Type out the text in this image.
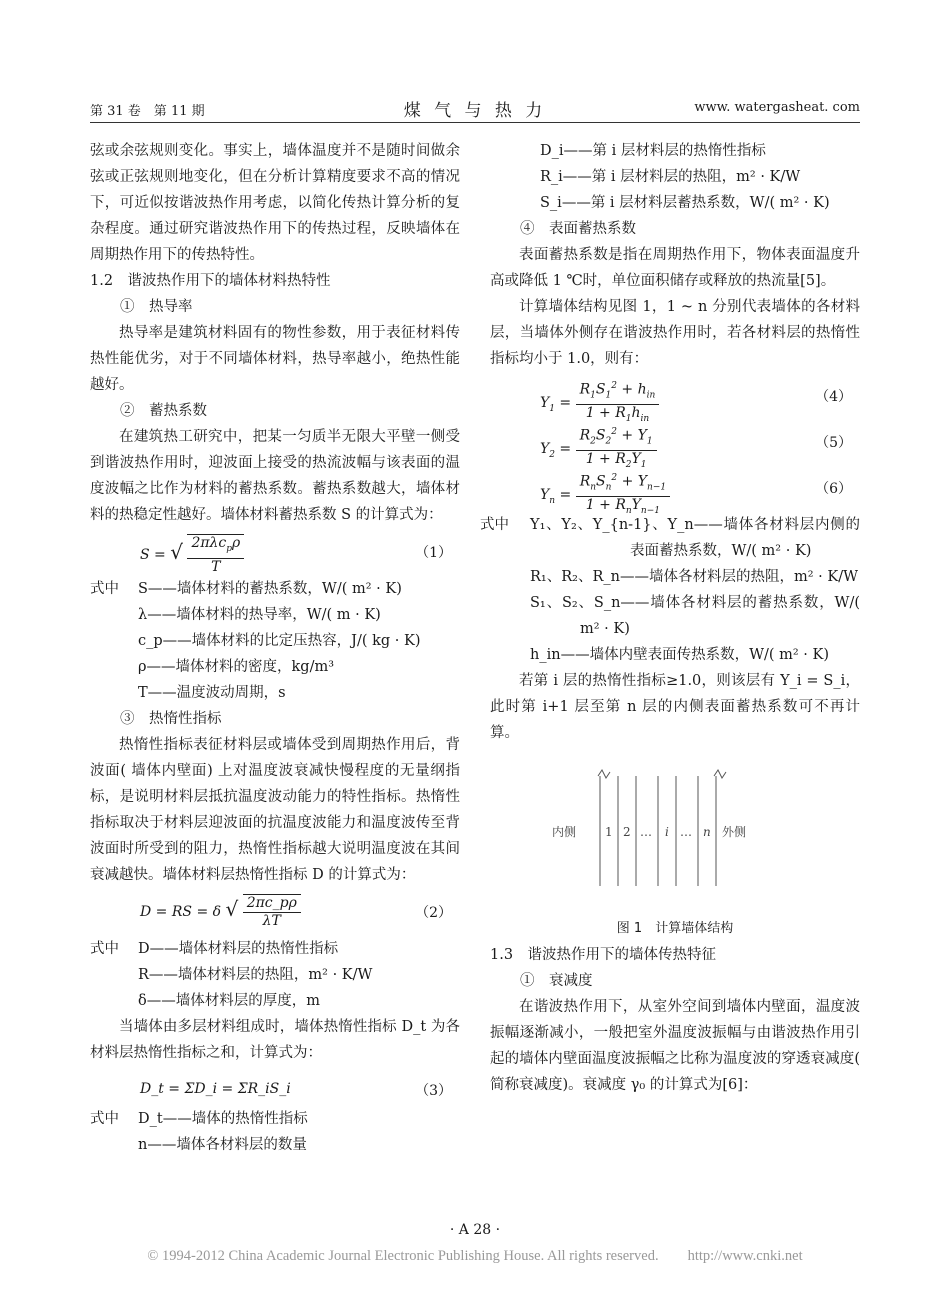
第 31 卷　第 11 期	煤 气 与 热 力	www. watergasheat. com

弦或余弦规则变化。事实上，墙体温度并不是随时间做余弦或正弦规则地变化，但在分析计算精度要求不高的情况下，可近似按谐波热作用考虑，以简化传热计算分析的复杂程度。通过研究谐波热作用下的传热过程，反映墙体在周期热作用下的传热特性。

1.2　谐波热作用下的墙体材料热特性

①　热导率

热导率是建筑材料固有的物性参数，用于表征材料传热性能优劣，对于不同墙体材料，热导率越小，绝热性能越好。

②　蓄热系数

在建筑热工研究中，把某一匀质半无限大平壁一侧受到谐波热作用时，迎波面上接受的热流波幅与该表面的温度波幅之比作为材料的蓄热系数。蓄热系数越大，墙体材料的热稳定性越好。墙体材料蓄热系数 S 的计算式为：

S = √ $\frac{2\pi\lambda c_p\rho}{T}$	（1）

式中 S——墙体材料的蓄热系数，W/( m² · K)

λ——墙体材料的热导率，W/( m · K)

c_p——墙体材料的比定压热容，J/( kg · K)

ρ——墙体材料的密度，kg/m³

T——温度波动周期，s

③　热惰性指标

热惰性指标表征材料层或墙体受到周期热作用后，背波面( 墙体内壁面) 上对温度波衰减快慢程度的无量纲指标，是说明材料层抵抗温度波动能力的特性指标。热惰性指标取决于材料层迎波面的抗温度波能力和温度波传至背波面时所受到的阻力，热惰性指标越大说明温度波在其间衰减越快。墙体材料层热惰性指标 D 的计算式为：

D = RS = δ √ $\frac{2\pi c\_p\rho}{\lambda T}$	（2）

式中 D——墙体材料层的热惰性指标

R——墙体材料层的热阻，m² · K/W

δ——墙体材料层的厚度，m

当墙体由多层材料组成时，墙体热惰性指标 D_t 为各材料层热惰性指标之和，计算式为：

D_t = ΣD_i = ΣR_iS_i	（3）

式中 D_t——墙体的热惰性指标

n——墙体各材料层的数量

D_i——第 i 层材料层的热惰性指标

R_i——第 i 层材料层的热阻，m² · K/W

S_i——第 i 层材料层蓄热系数，W/( m² · K)

④　表面蓄热系数

表面蓄热系数是指在周期热作用下，物体表面温度升高或降低 1 ℃时，单位面积储存或释放的热流量[5]。

计算墙体结构见图 1，1 ~ n 分别代表墙体的各材料层，当墙体外侧存在谐波热作用时，若各材料层的热惰性指标均小于 1.0，则有：

$Y_1 = \frac{R_1S_1^2 + h_{in}}{1 + R_1h_{in}}$	（4）
$Y_2 = \frac{R_2S_2^2 + Y_1}{1 + R_2Y_1}$	（5）
$Y_n = \frac{R_nS_n^2 + Y_{n-1}}{1 + R_nY_{n-1}}$	（6）

式中 Y₁、Y₂、Y_{n-1}、Y_n——墙体各材料层内侧的表面蓄热系数，W/( m² · K)

R₁、R₂、R_n——墙体各材料层的热阻，m² · K/W

S₁、S₂、S_n——墙体各材料层的蓄热系数，W/( m² · K)

h_in——墙体内壁表面传热系数，W/( m² · K)

若第 i 层的热惰性指标≥1.0，则该层有 Y_i = S_i，此时第 i+1 层至第 n 层的内侧表面蓄热系数可不再计算。

内侧	外侧
1 2 … i … n

图 1　计算墙体结构

1.3　谐波热作用下的墙体传热特征

①　衰减度

在谐波热作用下，从室外空间到墙体内壁面，温度波振幅逐渐减小，一般把室外温度波振幅与由谐波热作用引起的墙体内壁面温度波振幅之比称为温度波的穿透衰减度( 简称衰减度)。衰减度 γ₀ 的计算式为[6]：

· A 28 ·
© 1994-2012 China Academic Journal Electronic Publishing House. All rights reserved.　　http://www.cnki.net
